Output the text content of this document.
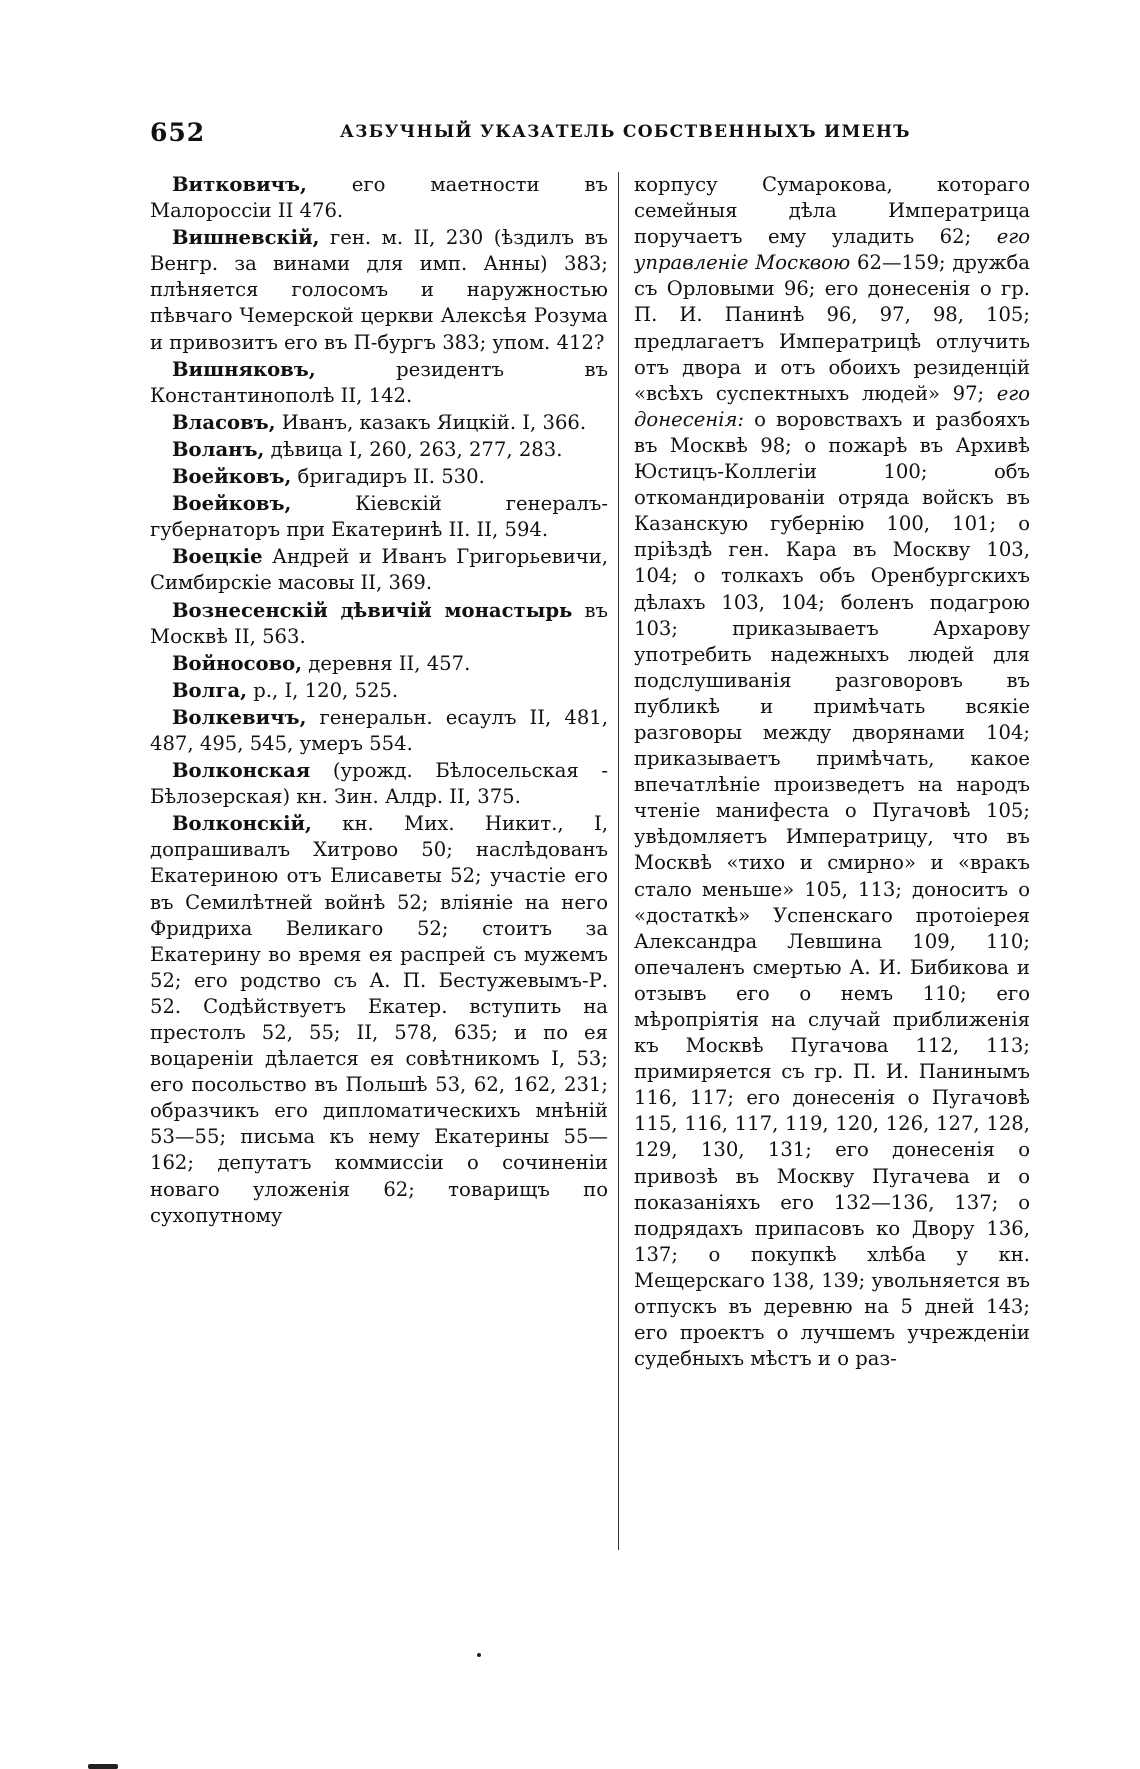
652	АЗБУЧНЫЙ УКАЗАТЕЛЬ СОБСТВЕННЫХЪ ИМЕНЪ

Витковичъ, его маетности въ Малороссіи II 476.

Вишневскій, ген. м. II, 230 (ѣздилъ въ Венгр. за винами для имп. Анны) 383; плѣняется голосомъ и наружностью пѣвчаго Чемерской церкви Алексѣя Розума и привозитъ его въ П-бургъ 383; упом. 412?

Вишняковъ, резидентъ въ Константинополѣ II, 142.

Власовъ, Иванъ, казакъ Яицкій. I, 366.

Воланъ, дѣвица I, 260, 263, 277, 283.

Воейковъ, бригадиръ II. 530.

Воейковъ, Кіевскій генералъ-губернаторъ при Екатеринѣ II. II, 594.

Воецкіе Андрей и Иванъ Григорьевичи, Симбирскіе масовы II, 369.

Вознесенскій дѣвичій монастырь въ Москвѣ II, 563.

Войносово, деревня II, 457.

Волга, р., I, 120, 525.

Волкевичъ, генеральн. есаулъ II, 481, 487, 495, 545, умеръ 554.

Волконская (урожд. Бѣлосельская - Бѣлозерская) кн. Зин. Алдр. II, 375.

Волконскій, кн. Мих. Никит., I, допрашивалъ Хитрово 50; наслѣдованъ Екатериною отъ Елисаветы 52; участіе его въ Семилѣтней войнѣ 52; вліяніе на него Фридриха Великаго 52; стоитъ за Екатерину во время ея распрей съ мужемъ 52; его родство съ А. П. Бестужевымъ-Р. 52. Содѣйствуетъ Екатер. вступить на престолъ 52, 55; II, 578, 635; и по ея воцареніи дѣлается ея совѣтникомъ I, 53; его посольство въ Польшѣ 53, 62, 162, 231; образчикъ его дипломатическихъ мнѣній 53—55; письма къ нему Екатерины 55—162; депутатъ коммиссіи о сочиненіи новаго уложенія 62; товарищъ по сухопутному

корпусу Сумарокова, котораго семейныя дѣла Императрица поручаетъ ему уладить 62; его управленіе Москвою 62—159; дружба съ Орловыми 96; его донесенія о гр. П. И. Панинѣ 96, 97, 98, 105; предлагаетъ Императрицѣ отлучить отъ двора и отъ обоихъ резиденцій «всѣхъ суспектныхъ людей» 97; его донесенія: о воровствахъ и разбояхъ въ Москвѣ 98; о пожарѣ въ Архивѣ Юстицъ-Коллегіи 100; объ откомандированіи отряда войскъ въ Казанскую губернію 100, 101; о пріѣздѣ ген. Кара въ Москву 103, 104; о толкахъ объ Оренбургскихъ дѣлахъ 103, 104; боленъ подагрою 103; приказываетъ Архарову употребить надежныхъ людей для подслушиванія разговоровъ въ публикѣ и примѣчать всякіе разговоры между дворянами 104; приказываетъ примѣчать, какое впечатлѣніе произведетъ на народъ чтеніе манифеста о Пугачовѣ 105; увѣдомляетъ Императрицу, что въ Москвѣ «тихо и смирно» и «вракъ стало меньше» 105, 113; доноситъ о «достаткѣ» Успенскаго протоіерея Александра Левшина 109, 110; опечаленъ смертью А. И. Бибикова и отзывъ его о немъ 110; его мѣропріятія на случай приближенія къ Москвѣ Пугачова 112, 113; примиряется съ гр. П. И. Панинымъ 116, 117; его донесенія о Пугачовѣ 115, 116, 117, 119, 120, 126, 127, 128, 129, 130, 131; его донесенія о привозѣ въ Москву Пугачева и о показаніяхъ его 132—136, 137; о подрядахъ припасовъ ко Двору 136, 137; о покупкѣ хлѣба у кн. Мещерскаго 138, 139; увольняется въ отпускъ въ деревню на 5 дней 143; его проектъ о лучшемъ учрежденіи судебныхъ мѣстъ и о раз-
